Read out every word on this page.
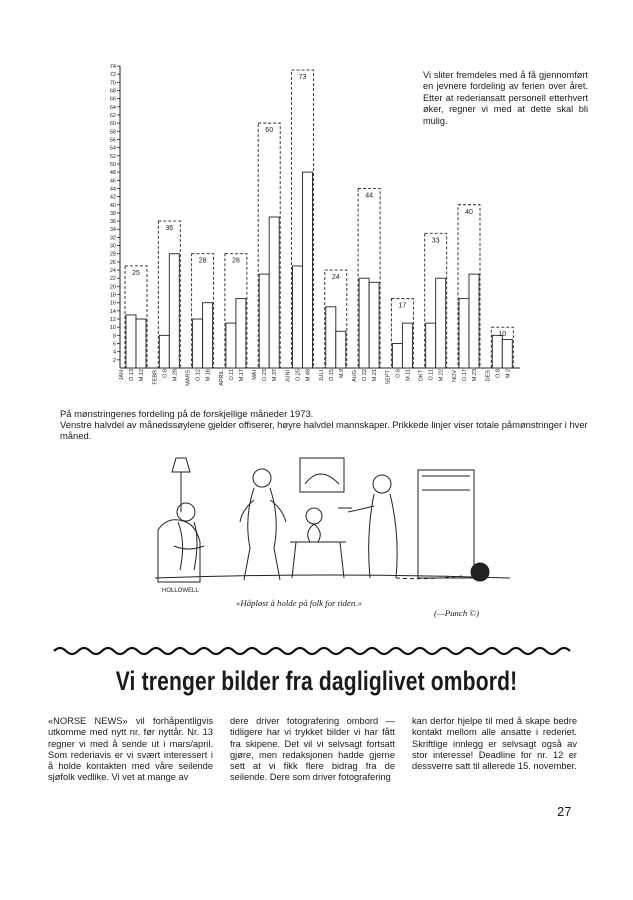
2
4
6
8
10
12
14
16
18
20
22
24
26
28
30
32
34
36
38
40
42
44
46
48
50
52
54
56
58
60
62
64
66
68
70
72
74
25
O.13 M.12
JAN
36
O.8 M.28
FEBR
28
O.12 M.16
MARS
28
O.11 M.17
APRIL
60
O.23 M.37
MAI
73
O.25 M.48
JUNI
24
O.15 M.9
JULI
44
O.22 M.21
AUG
17
O.6 M.11
SEPT
33
O.11 M.22
OKT
40
O.17 M.23
NOV
10
O.8 M.2
DES
Vi sliter fremdeles med å få gjennomført en jevnere fordeling av ferien over året. Etter at rederiansatt personell etterhvert øker, regner vi med at dette skal bli mulig.
På mønstringenes fordeling på de forskjellige måneder 1973.
Venstre halvdel av månedssøylene gjelder offiserer, høyre halvdel mannskaper. Prikkede linjer viser totale påmønstringer i hver måned.
HOLLOWELL
«Håpløst å holde på folk for tiden.»
(—Punch ©)
Vi trenger bilder fra dagliglivet ombord!
«NORSE NEWS» vil forhåpentligvis utkomme med nytt nr. før nyttår. Nr. 13 regner vi med å sende ut i mars/april. Som rederiavis er vi svært interessert i å holde kontakten med våre seilende sjøfolk vedlike. Vi vet at mange av
dere driver fotografering ombord — tidligere har vi trykket bilder vi har fått fra skipene. Det vil vi selvsagt fortsatt gjøre, men redaksjonen hadde gjerne sett at vi fikk flere bidrag fra de seilende. Dere som driver fotografering
kan derfor hjelpe til med å skape bedre kontakt mellom alle ansatte i rederiet. Skriftlige innlegg er selvsagt også av stor interesse! Deadline for nr. 12 er dessverre satt til allerede 15. november.
27
